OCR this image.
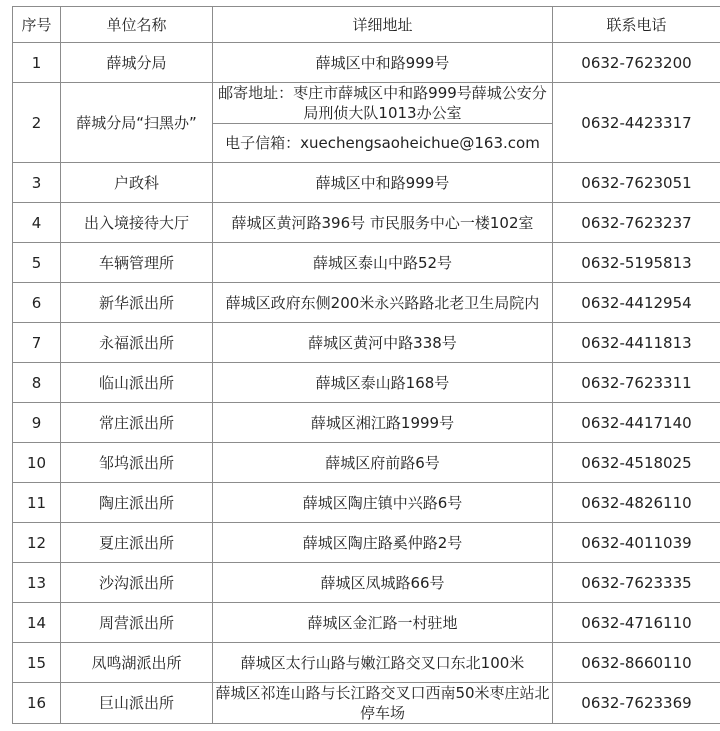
序号	单位名称	详细地址	联系电话
1	薛城分局	薛城区中和路999号	0632-7623200
2	薛城分局“扫黑办”	邮寄地址：枣庄市薛城区中和路999号薛城公安分局刑侦大队1013办公室	0632-4423317
		电子信箱：xuechengsaoheichue@163.com	
3	户政科	薛城区中和路999号	0632-7623051
4	出入境接待大厅	薛城区黄河路396号 市民服务中心一楼102室	0632-7623237
5	车辆管理所	薛城区泰山中路52号	0632-5195813
6	新华派出所	薛城区政府东侧200米永兴路路北老卫生局院内	0632-4412954
7	永福派出所	薛城区黄河中路338号	0632-4411813
8	临山派出所	薛城区泰山路168号	0632-7623311
9	常庄派出所	薛城区湘江路1999号	0632-4417140
10	邹坞派出所	薛城区府前路6号	0632-4518025
11	陶庄派出所	薛城区陶庄镇中兴路6号	0632-4826110
12	夏庄派出所	薛城区陶庄路奚仲路2号	0632-4011039
13	沙沟派出所	薛城区凤城路66号	0632-7623335
14	周营派出所	薛城区金汇路一村驻地	0632-4716110
15	凤鸣湖派出所	薛城区太行山路与嫩江路交叉口东北100米	0632-8660110
16	巨山派出所	薛城区祁连山路与长江路交叉口西南50米枣庄站北停车场	0632-7623369
